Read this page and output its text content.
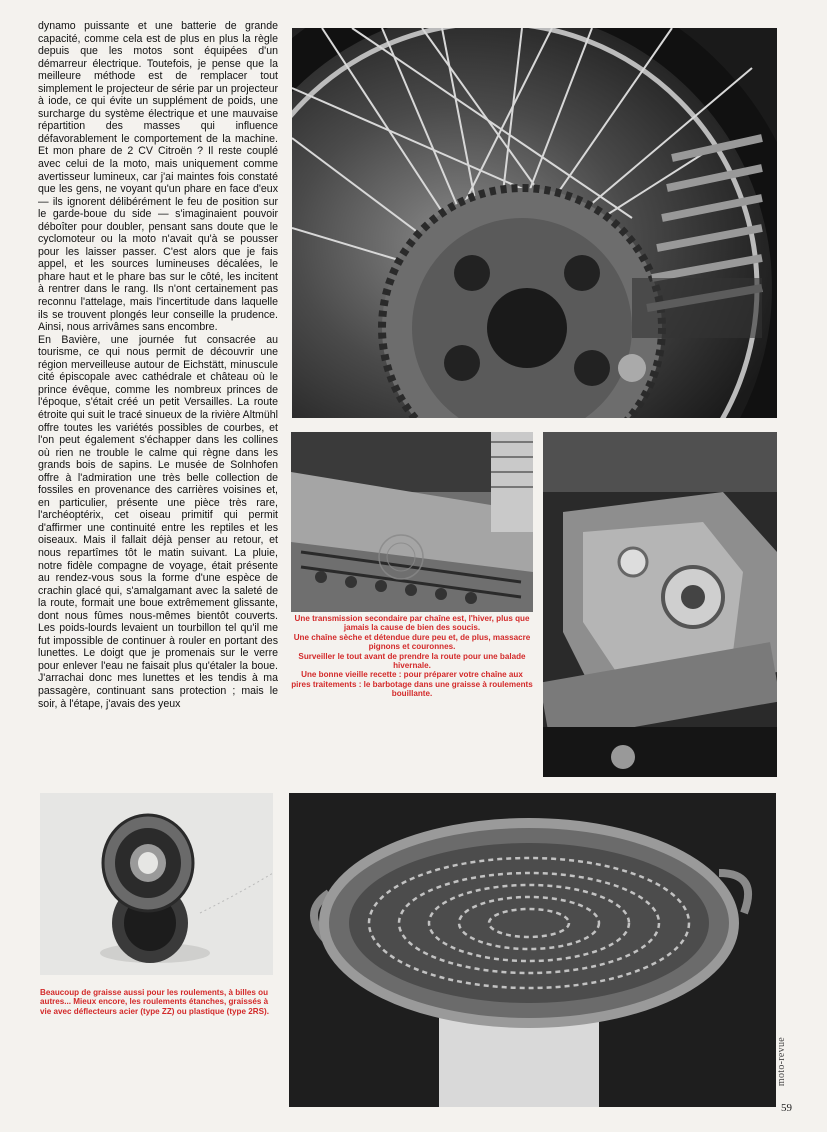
dynamo puissante et une batterie de grande capacité, comme cela est de plus en plus la règle depuis que les motos sont équipées d'un démarreur électrique. Toutefois, je pense que la meilleure méthode est de remplacer tout simplement le projecteur de série par un projecteur à iode, ce qui évite un supplément de poids, une surcharge du système électrique et une mauvaise répartition des masses qui influence défavorablement le comportement de la machine. Et mon phare de 2 CV Citroën ? Il reste couplé avec celui de la moto, mais uniquement comme avertisseur lumineux, car j'ai maintes fois constaté que les gens, ne voyant qu'un phare en face d'eux — ils ignorent délibérément le feu de position sur le garde-boue du side — s'imaginaient pouvoir déboîter pour doubler, pensant sans doute que le cyclomoteur ou la moto n'avait qu'à se pousser pour les laisser passer. C'est alors que je fais appel, et les sources lumineuses décalées, le phare haut et le phare bas sur le côté, les incitent à rentrer dans le rang. Ils n'ont certainement pas reconnu l'attelage, mais l'incertitude dans laquelle ils se trouvent plongés leur conseille la prudence. Ainsi, nous arrivâmes sans encombre.

En Bavière, une journée fut consacrée au tourisme, ce qui nous permit de découvrir une région merveilleuse autour de Eichstätt, minuscule cité épiscopale avec cathédrale et château où le prince évêque, comme les nombreux princes de l'époque, s'était créé un petit Versailles. La route étroite qui suit le tracé sinueux de la rivière Altmühl offre toutes les variétés possibles de courbes, et l'on peut également s'échapper dans les collines où rien ne trouble le calme qui règne dans les grands bois de sapins. Le musée de Solnhofen offre à l'admiration une très belle collection de fossiles en provenance des carrières voisines et, en particulier, présente une pièce très rare, l'archéoptérix, cet oiseau primitif qui permit d'affirmer une continuité entre les reptiles et les oiseaux. Mais il fallait déjà penser au retour, et nous repartîmes tôt le matin suivant. La pluie, notre fidèle compagne de voyage, était présente au rendez-vous sous la forme d'une espèce de crachin glacé qui, s'amalgamant avec la saleté de la route, formait une boue extrêmement glissante, dont nous fûmes nous-mêmes bientôt couverts. Les poids-lourds levaient un tourbillon tel qu'il me fut impossible de continuer à rouler en portant des lunettes. Le doigt que je promenais sur le verre pour enlever l'eau ne faisait plus qu'étaler la boue. J'arrachai donc mes lunettes et les tendis à ma passagère, continuant sans protection ; mais le soir, à l'étape, j'avais des yeux

Une transmission secondaire par chaîne est, l'hiver, plus que jamais la cause de bien des soucis.

Une chaîne sèche et détendue dure peu et, de plus, massacre pignons et couronnes.

Surveiller le tout avant de prendre la route pour une balade hivernale.

Une bonne vieille recette : pour préparer votre chaîne aux pires traitements : le barbotage dans une graisse à roulements bouillante.

Beaucoup de graisse aussi pour les roulements, à billes ou autres... Mieux encore, les roulements étanches, graissés à vie avec déflecteurs acier (type ZZ) ou plastique (type 2RS).
moto-revue
59
